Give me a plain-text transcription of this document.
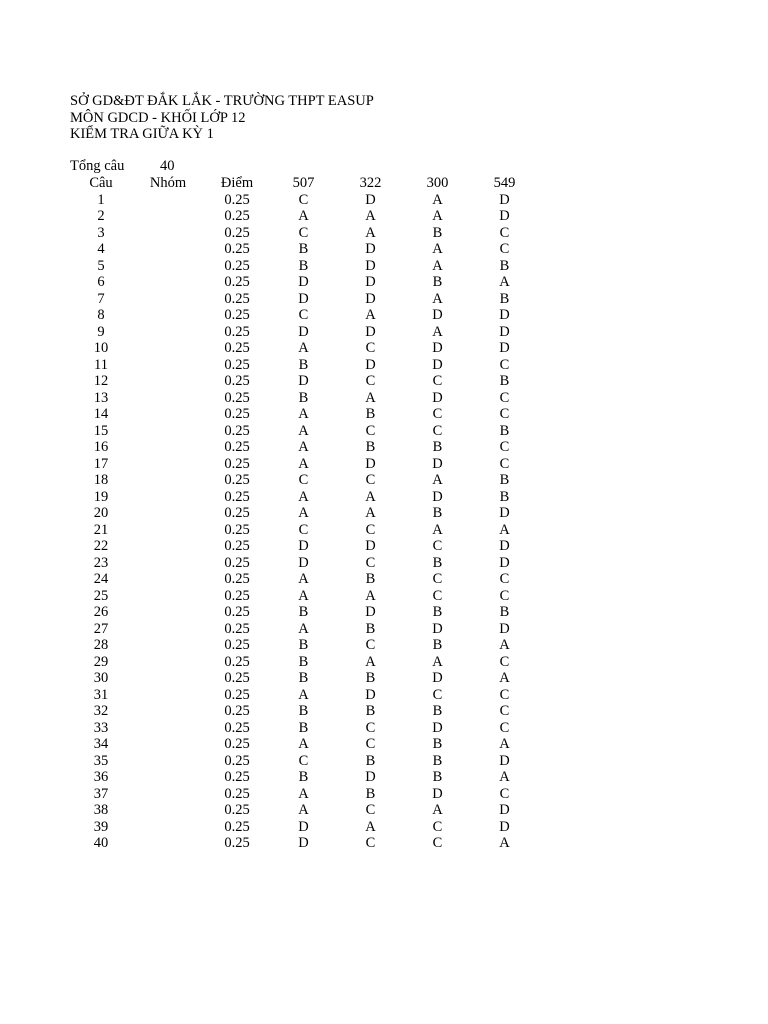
SỞ GD&ĐT ĐẮK LẮK - TRƯỜNG THPT EASUP
MÔN GDCD - KHỐI LỚP 12
KIỂM TRA GIỮA KỲ 1
Tổng câu 40
Câu	Nhóm	Điểm	507	322	300	549
1		0.25	C	D	A	D
2		0.25	A	A	A	D
3		0.25	C	A	B	C
4		0.25	B	D	A	C
5		0.25	B	D	A	B
6		0.25	D	D	B	A
7		0.25	D	D	A	B
8		0.25	C	A	D	D
9		0.25	D	D	A	D
10		0.25	A	C	D	D
11		0.25	B	D	D	C
12		0.25	D	C	C	B
13		0.25	B	A	D	C
14		0.25	A	B	C	C
15		0.25	A	C	C	B
16		0.25	A	B	B	C
17		0.25	A	D	D	C
18		0.25	C	C	A	B
19		0.25	A	A	D	B
20		0.25	A	A	B	D
21		0.25	C	C	A	A
22		0.25	D	D	C	D
23		0.25	D	C	B	D
24		0.25	A	B	C	C
25		0.25	A	A	C	C
26		0.25	B	D	B	B
27		0.25	A	B	D	D
28		0.25	B	C	B	A
29		0.25	B	A	A	C
30		0.25	B	B	D	A
31		0.25	A	D	C	C
32		0.25	B	B	B	C
33		0.25	B	C	D	C
34		0.25	A	C	B	A
35		0.25	C	B	B	D
36		0.25	B	D	B	A
37		0.25	A	B	D	C
38		0.25	A	C	A	D
39		0.25	D	A	C	D
40		0.25	D	C	C	A
